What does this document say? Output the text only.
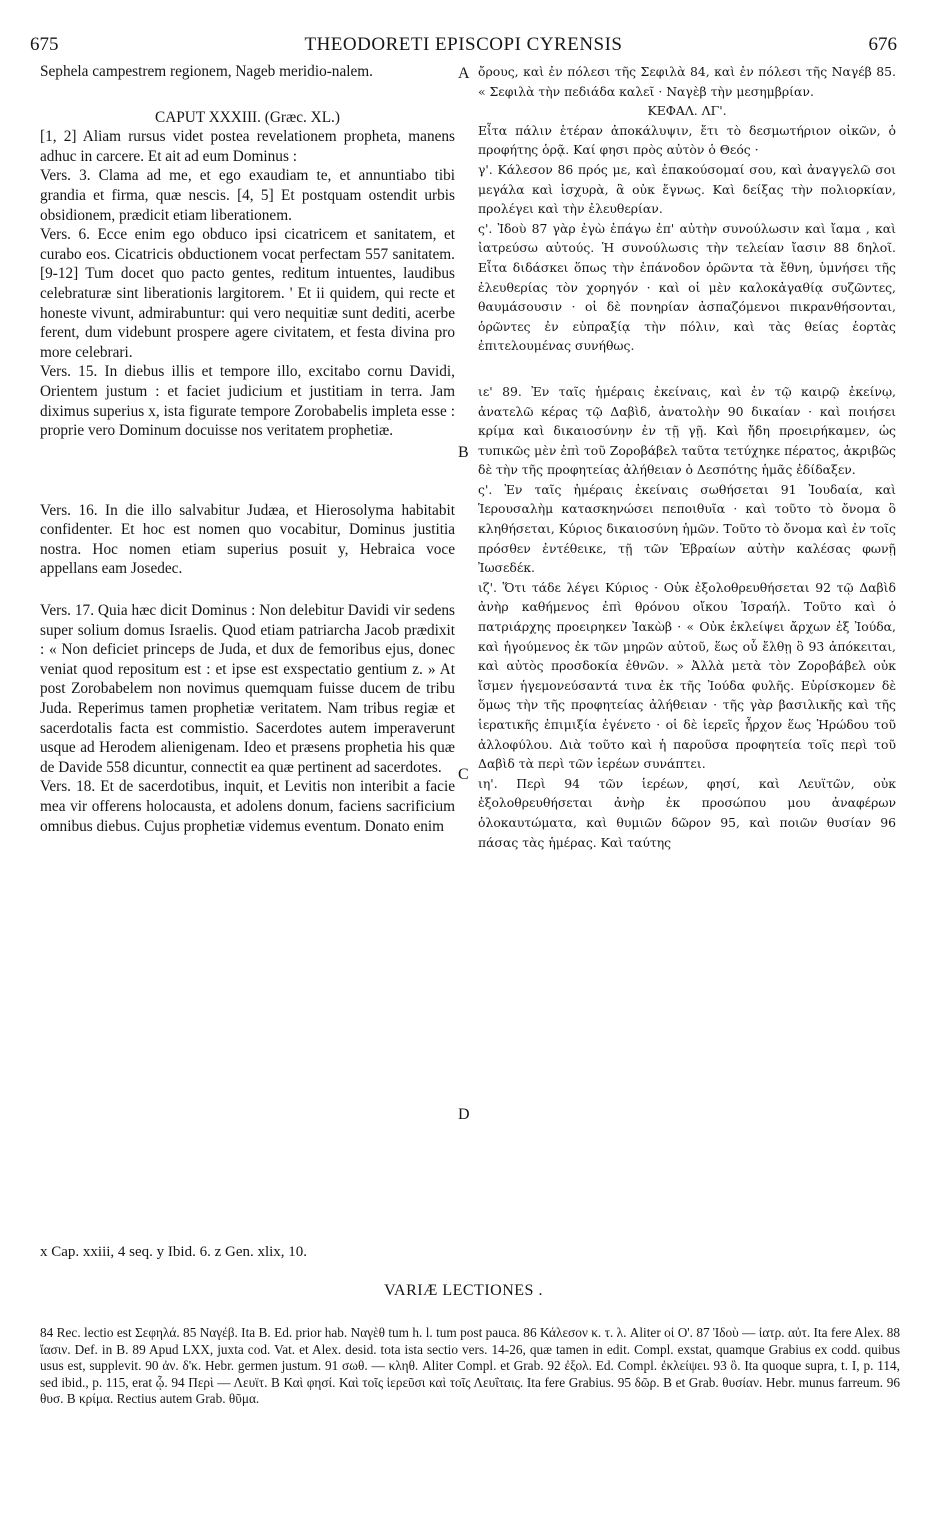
675	THEODORETI EPISCOPI CYRENSIS	676

Sephela campestrem regionem, Nageb meridio-nalem.

CAPUT XXXIII. (Græc. XL.)

[1, 2] Aliam rursus videt postea revelationem propheta, manens adhuc in carcere. Et ait ad eum Dominus :

Vers. 3. Clama ad me, et ego exaudiam te, et annuntiabo tibi grandia et firma, quæ nescis. [4, 5] Et postquam ostendit urbis obsidionem, prædicit etiam liberationem.

Vers. 6. Ecce enim ego obduco ipsi cicatricem et sanitatem, et curabo eos. Cicatricis obductionem vocat perfectam 557 sanitatem. [9-12] Tum docet quo pacto gentes, reditum intuentes, laudibus celebraturæ sint liberationis largitorem. ' Et ii quidem, qui recte et honeste vivunt, admirabuntur: qui vero nequitiæ sunt dediti, acerbe ferent, dum videbunt prospere agere civitatem, et festa divina pro more celebrari.

Vers. 15. In diebus illis et tempore illo, excitabo cornu Davidi, Orientem justum : et faciet judicium et justitiam in terra. Jam diximus superius x, ista figurate tempore Zorobabelis impleta esse : proprie vero Dominum docuisse nos veritatem prophetiæ.

Vers. 16. In die illo salvabitur Judæa, et Hierosolyma habitabit confidenter. Et hoc est nomen quo vocabitur, Dominus justitia nostra. Hoc nomen etiam superius posuit y, Hebraica voce appellans eam Josedec.

Vers. 17. Quia hæc dicit Dominus : Non delebitur Davidi vir sedens super solium domus Israelis. Quod etiam patriarcha Jacob prædixit : « Non deficiet princeps de Juda, et dux de femoribus ejus, donec veniat quod repositum est : et ipse est exspectatio gentium z. » At post Zorobabelem non novimus quemquam fuisse ducem de tribu Juda. Reperimus tamen prophetiæ veritatem. Nam tribus regiæ et sacerdotalis facta est commistio. Sacerdotes autem imperaverunt usque ad Herodem alienigenam. Ideo et præsens prophetia his quæ de Davide 558 dicuntur, connectit ea quæ pertinent ad sacerdotes.

Vers. 18. Et de sacerdotibus, inquit, et Levitis non interibit a facie mea vir offerens holocausta, et adolens donum, faciens sacrificium omnibus diebus. Cujus prophetiæ videmus eventum. Donato enim

ὄρους, καὶ ἐν πόλεσι τῆς Σεφιλὰ 84, καὶ ἐν πόλεσι τῆς Ναγέβ 85. « Σεφιλὰ τὴν πεδιάδα καλεῖ · Ναγὲβ τὴν μεσημβρίαν.

ΚΕΦΑΛ. ΛΓ'.

Εἶτα πάλιν ἑτέραν ἀποκάλυψιν, ἔτι τὸ δεσμωτήριον οἰκῶν, ὁ προφήτης ὁρᾷ. Καί φησι πρὸς αὐτὸν ὁ Θεός ·

γ'. Κάλεσον 86 πρός με, καὶ ἐπακούσομαί σου, καὶ ἀναγγελῶ σοι μεγάλα καὶ ἰσχυρὰ, ἃ οὐκ ἔγνως. Καὶ δείξας τὴν πολιορκίαν, προλέγει καὶ τὴν ἐλευθερίαν.

ς'. Ἰδοὺ 87 γὰρ ἐγὼ ἐπάγω ἐπ' αὐτὴν συνούλωσιν καὶ ἴαμα , καὶ ἰατρεύσω αὐτούς. Ἡ συνούλωσις τὴν τελείαν ἴασιν 88 δηλοῖ. Εἶτα διδάσκει ὅπως τὴν ἐπάνοδον ὁρῶντα τὰ ἔθνη, ὑμνήσει τῆς ἐλευθερίας τὸν χορηγόν · καὶ οἱ μὲν καλοκἀγαθίᾳ συζῶντες, θαυμάσουσιν · οἱ δὲ πονηρίαν ἀσπαζόμενοι πικρανθήσονται, ὁρῶντες ἐν εὐπραξίᾳ τὴν πόλιν, καὶ τὰς θείας ἑορτὰς ἐπιτελουμένας συνήθως.

ιε' 89. Ἐν ταῖς ἡμέραις ἐκείναις, καὶ ἐν τῷ καιρῷ ἐκείνῳ, ἀνατελῶ κέρας τῷ Δαβὶδ, ἀνατολὴν 90 δικαίαν · καὶ ποιήσει κρίμα καὶ δικαιοσύνην ἐν τῇ γῇ. Καὶ ἤδη προειρήκαμεν, ὡς τυπικῶς μὲν ἐπὶ τοῦ Ζοροβάβελ ταῦτα τετύχηκε πέρατος, ἀκριβῶς δὲ τὴν τῆς προφητείας ἀλήθειαν ὁ Δεσπότης ἡμᾶς ἐδίδαξεν.

ς'. Ἐν ταῖς ἡμέραις ἐκείναις σωθήσεται 91 Ἰουδαία, καὶ Ἱερουσαλὴμ κατασκηνώσει πεποιθυῖα · καὶ τοῦτο τὸ ὄνομα ὃ κληθήσεται, Κύριος δικαιοσύνη ἡμῶν. Τοῦτο τὸ ὄνομα καὶ ἐν τοῖς πρόσθεν ἐντέθεικε, τῇ τῶν Ἑβραίων αὐτὴν καλέσας φωνῇ Ἰωσεδέκ.

ιζ'. Ὅτι τάδε λέγει Κύριος · Οὐκ ἐξολοθρευθήσεται 92 τῷ Δαβὶδ ἀνὴρ καθήμενος ἐπὶ θρόνου οἴκου Ἰσραήλ. Τοῦτο καὶ ὁ πατριάρχης προειρηκεν Ἰακὼβ · « Οὐκ ἐκλείψει ἄρχων ἐξ Ἰούδα, καὶ ἡγούμενος ἐκ τῶν μηρῶν αὐτοῦ, ἕως οὗ ἔλθῃ ὃ 93 ἀπόκειται, καὶ αὐτὸς προσδοκία ἐθνῶν. » Ἀλλὰ μετὰ τὸν Ζοροβάβελ οὐκ ἴσμεν ἡγεμονεύσαντά τινα ἐκ τῆς Ἰούδα φυλῆς. Εὑρίσκομεν δὲ ὅμως τὴν τῆς προφητείας ἀλήθειαν · τῆς γὰρ βασιλικῆς καὶ τῆς ἱερατικῆς ἐπιμιξία ἐγένετο · οἱ δὲ ἱερεῖς ἦρχον ἕως Ἡρώδου τοῦ ἀλλοφύλου. Διὰ τοῦτο καὶ ἡ παροῦσα προφητεία τοῖς περὶ τοῦ Δαβὶδ τὰ περὶ τῶν ἱερέων συνάπτει.

ιη'. Περὶ 94 τῶν ἱερέων, φησί, καὶ Λευϊτῶν, οὐκ ἐξολοθρευθήσεται ἀνὴρ ἐκ προσώπου μου ἀναφέρων ὁλοκαυτώματα, καὶ θυμιῶν δῶρον 95, καὶ ποιῶν θυσίαν 96 πάσας τὰς ἡμέρας. Καὶ ταύτης

A
B
C
D
x Cap. xxiii, 4 seq. y Ibid. 6. z Gen. xlix, 10.
VARIÆ LECTIONES .
84 Rec. lectio est Σεφηλά. 85 Ναγέβ. Ita B. Ed. prior hab. Ναγὲθ tum h. l. tum post pauca. 86 Κάλεσον κ. τ. λ. Aliter οἱ Ο'. 87 Ἰδοὺ — ἰατρ. αὐτ. Ita fere Alex. 88 ἴασιν. Def. in B. 89 Apud LXX, juxta cod. Vat. et Alex. desid. tota ista sectio vers. 14-26, quæ tamen in edit. Compl. exstat, quamque Grabius ex codd. quibus usus est, supplevit. 90 ἀν. δ'κ. Hebr. germen justum. 91 σωθ. — κληθ. Aliter Compl. et Grab. 92 ἐξολ. Ed. Compl. ἐκλείψει. 93 ὃ. Ita quoque supra, t. I, p. 114, sed ibid., p. 115, erat ᾧ. 94 Περὶ — Λευϊτ. B Καὶ φησί. Καὶ τοῖς ἱερεῦσι καὶ τοῖς Λευΐταις. Ita fere Grabius. 95 δῶρ. B et Grab. θυσίαν. Hebr. munus farreum. 96 θυσ. B κρίμα. Rectius autem Grab. θῦμα.
